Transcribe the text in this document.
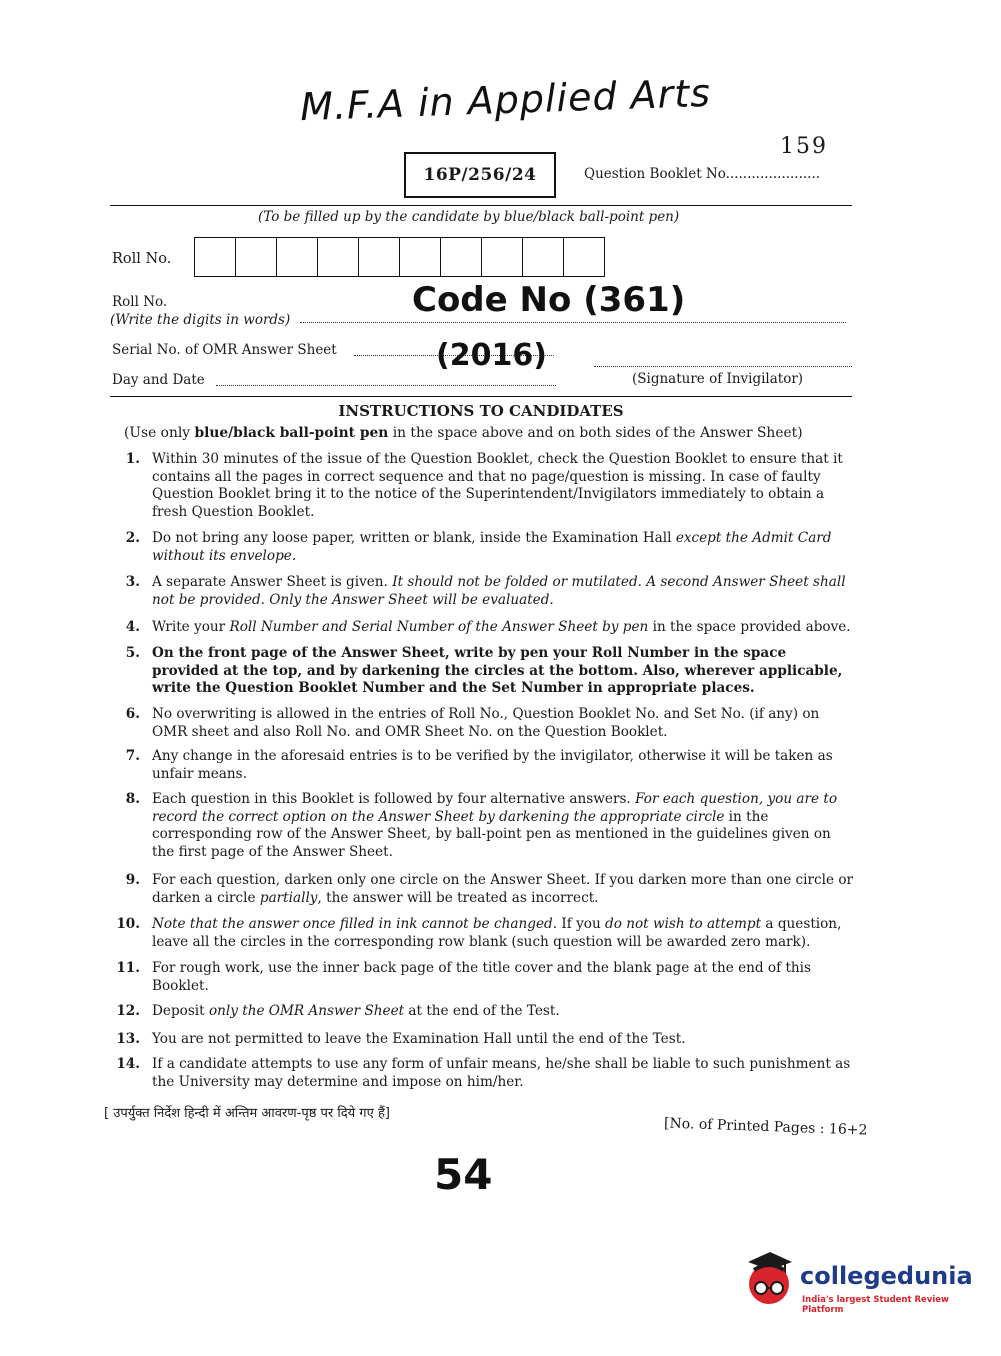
M.F.A in Applied Arts
159
16P/256/24	Question Booklet No......................
(To be filled up by the candidate by blue/black ball-point pen)
Roll No.
Roll No.
(Write the digits in words)	Code No (361)
Serial No. of OMR Answer Sheet	(2016)
Day and Date	(Signature of Invigilator)
INSTRUCTIONS TO CANDIDATES
(Use only blue/black ball-point pen in the space above and on both sides of the Answer Sheet)
1. Within 30 minutes of the issue of the Question Booklet, check the Question Booklet to ensure that it contains all the pages in correct sequence and that no page/question is missing. In case of faulty Question Booklet bring it to the notice of the Superintendent/Invigilators immediately to obtain a fresh Question Booklet.
2. Do not bring any loose paper, written or blank, inside the Examination Hall except the Admit Card without its envelope.
3. A separate Answer Sheet is given. It should not be folded or mutilated. A second Answer Sheet shall not be provided. Only the Answer Sheet will be evaluated.
4. Write your Roll Number and Serial Number of the Answer Sheet by pen in the space provided above.
5. On the front page of the Answer Sheet, write by pen your Roll Number in the space provided at the top, and by darkening the circles at the bottom. Also, wherever applicable, write the Question Booklet Number and the Set Number in appropriate places.
6. No overwriting is allowed in the entries of Roll No., Question Booklet No. and Set No. (if any) on OMR sheet and also Roll No. and OMR Sheet No. on the Question Booklet.
7. Any change in the aforesaid entries is to be verified by the invigilator, otherwise it will be taken as unfair means.
8. Each question in this Booklet is followed by four alternative answers. For each question, you are to record the correct option on the Answer Sheet by darkening the appropriate circle in the corresponding row of the Answer Sheet, by ball-point pen as mentioned in the guidelines given on the first page of the Answer Sheet.
9. For each question, darken only one circle on the Answer Sheet. If you darken more than one circle or darken a circle partially, the answer will be treated as incorrect.
10. Note that the answer once filled in ink cannot be changed. If you do not wish to attempt a question, leave all the circles in the corresponding row blank (such question will be awarded zero mark).
11. For rough work, use the inner back page of the title cover and the blank page at the end of this Booklet.
12. Deposit only the OMR Answer Sheet at the end of the Test.
13. You are not permitted to leave the Examination Hall until the end of the Test.
14. If a candidate attempts to use any form of unfair means, he/she shall be liable to such punishment as the University may determine and impose on him/her.
[ उपर्युक्त निर्देश हिन्दी में अन्तिम आवरण-पृष्ठ पर दिये गए हैं]
[No. of Printed Pages : 16+2
54
collegedunia
India's largest Student Review Platform
